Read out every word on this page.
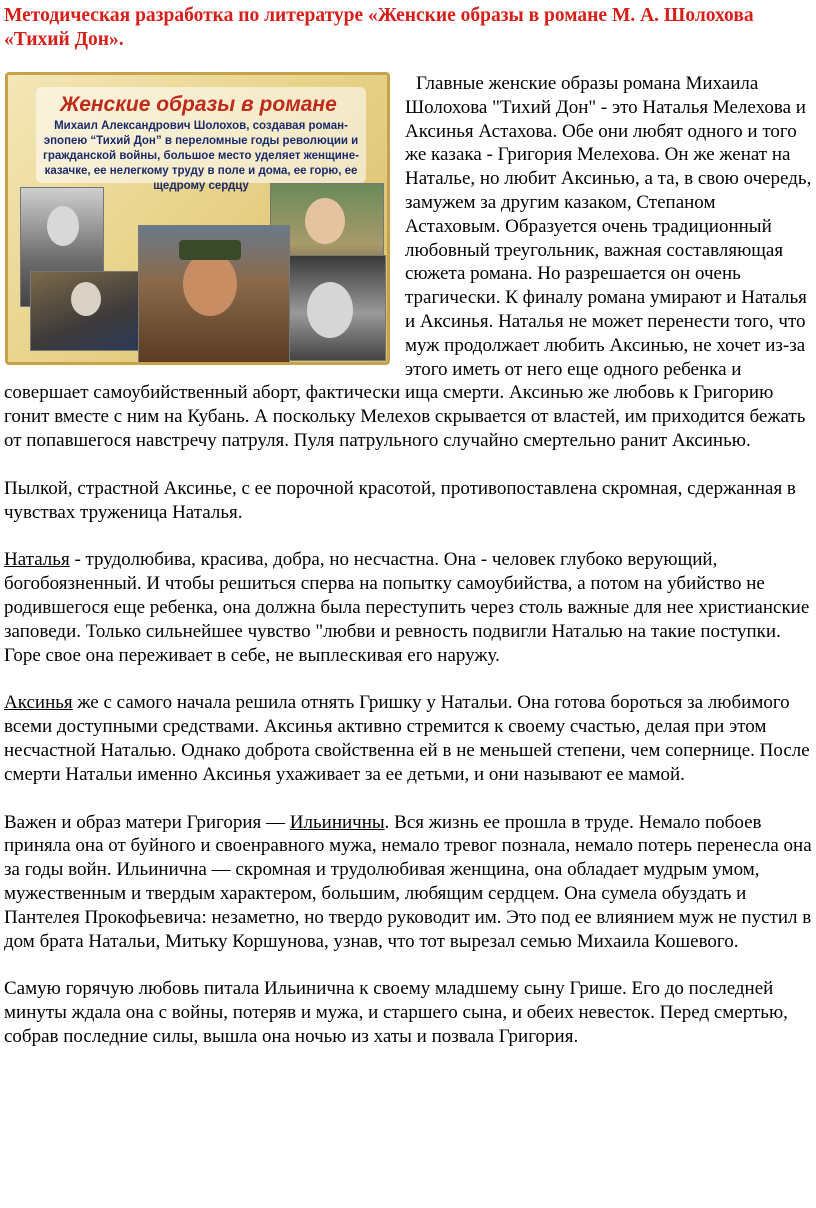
Методическая разработка по литературе «Женские образы в романе М. А. Шолохова «Тихий Дон».
Женские образы в романе
Михаил Александрович Шолохов, создавая роман-эпопею “Тихий Дон” в переломные годы революции и гражданской войны, большое место уделяет женщине-казачке, ее нелегкому труду в поле и дома, ее горю, ее щедрому сердцу

Главные женские образы романа Михаила Шолохова "Тихий Дон" - это Наталья Мелехова и Аксинья Астахова. Обе они любят одного и того же казака - Григория Мелехова. Он же женат на Наталье, но любит Аксинью, а та, в свою очередь, замужем за другим казаком, Степаном Астаховым. Образуется очень традиционный любовный треугольник, важная составляющая сюжета романа. Но разрешается он очень трагически. К финалу романа умирают и Наталья и Аксинья. Наталья не может перенести того, что муж продолжает любить Аксинью, не хочет из-за этого иметь от него еще одного ребенка и совершает самоубийственный аборт, фактически ища смерти. Аксинью же любовь к Григорию гонит вместе с ним на Кубань. А поскольку Мелехов скрывается от властей, им приходится бежать от попавшегося навстречу патруля. Пуля патрульного случайно смертельно ранит Аксинью.

Пылкой, страстной Аксинье, с ее порочной красотой, противопоставлена скромная, сдержанная в чувствах труженица Наталья.

Наталья - трудолюбива, красива, добра, но несчастна. Она - человек глубоко верующий, богобоязненный. И чтобы решиться сперва на попытку самоубийства, а потом на убийство не родившегося еще ребенка, она должна была переступить через столь важные для нее христианские заповеди. Только сильнейшее чувство "любви и ревность подвигли Наталью на такие поступки. Горе свое она переживает в себе, не выплескивая его наружу.

Аксинья же с самого начала решила отнять Гришку у Натальи. Она готова бороться за любимого всеми доступными средствами. Аксинья активно стремится к своему счастью, делая при этом несчастной Наталью. Однако доброта свойственна ей в не меньшей степени, чем сопернице. После смерти Натальи именно Аксинья ухаживает за ее детьми, и они называют ее мамой.

Важен и образ матери Григория — Ильиничны. Вся жизнь ее прошла в труде. Немало побоев приняла она от буйного и своенравного мужа, немало тревог познала, немало потерь перенесла она за годы войн. Ильинична — скромная и трудолюбивая женщина, она обладает мудрым умом, мужественным и твердым характером, большим, любящим сердцем. Она сумела обуздать и Пантелея Прокофьевича: незаметно, но твердо руководит им. Это под ее влиянием муж не пустил в дом брата Натальи, Митьку Коршунова, узнав, что тот вырезал семью Михаила Кошевого.

Самую горячую любовь питала Ильинична к своему младшему сыну Грише. Его до последней минуты ждала она с войны, потеряв и мужа, и старшего сына, и обеих невесток. Перед смертью, собрав последние силы, вышла она ночью из хаты и позвала Григория.
